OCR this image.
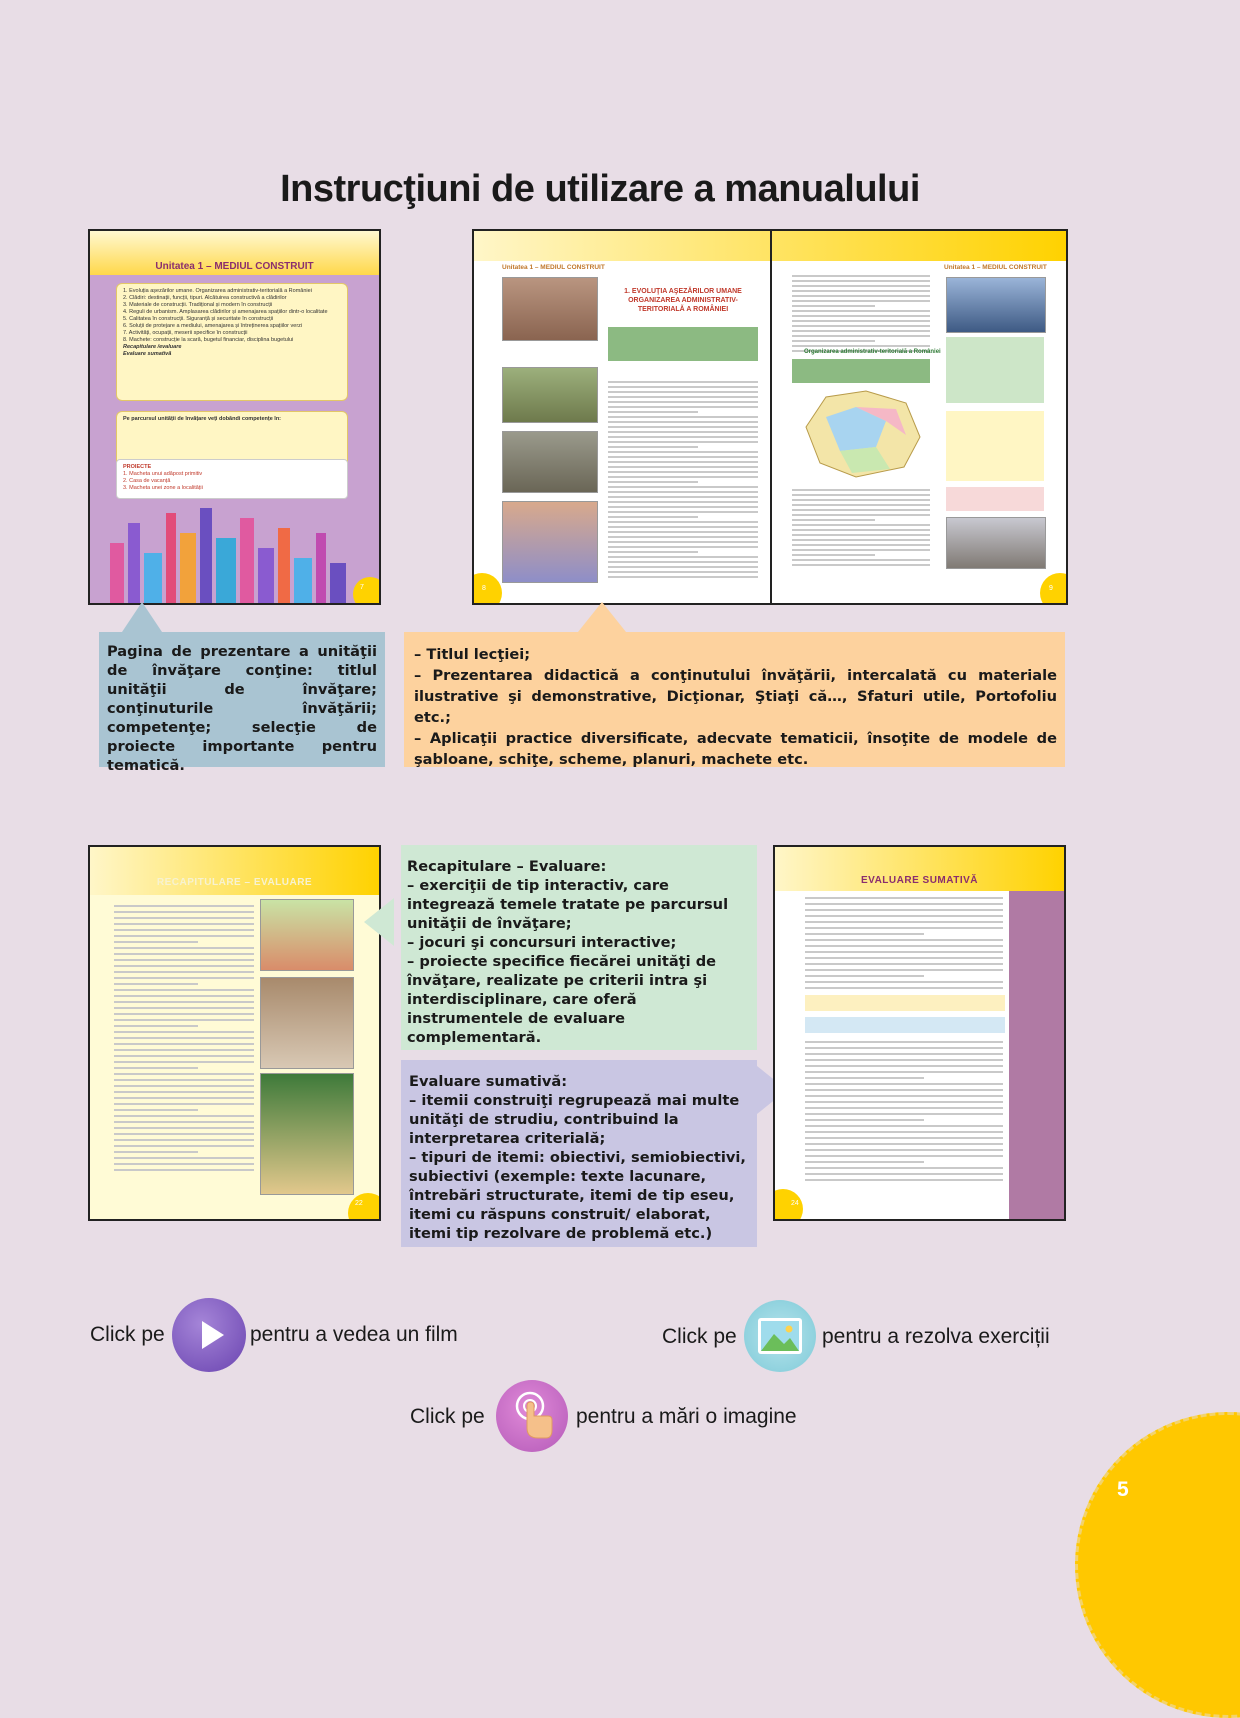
Instrucţiuni de utilizare a manualului
Unitatea 1 – MEDIUL CONSTRUIT
1. Evoluția așezărilor umane. Organizarea administrativ-teritorială a României
2. Clădiri: destinații, funcții, tipuri. Alcătuirea constructivă a clădirilor
3. Materiale de construcții. Tradițional și modern în construcții
4. Reguli de urbanism. Amplasarea clădirilor și amenajarea spațiilor dintr-o localitate
5. Calitatea în construcții. Siguranță și securitate în construcții
6. Soluții de protejare a mediului, amenajarea și întreținerea spațiilor verzi
7. Activități, ocupații, meserii specifice în construcții
8. Machete: construcție la scară, bugetul financiar, disciplina bugetului
Recapitulare /evaluare
Evaluare sumativă
Pe parcursul unității de învățare veți dobândi competențe în:
PROIECTE
1. Macheta unui adăpost primitiv
2. Casa de vacanță
3. Macheta unei zone a localității
7
Unitatea 1 – MEDIUL CONSTRUIT	Unitatea 1 – MEDIUL CONSTRUIT
1. EVOLUŢIA AŞEZĂRILOR UMANE ORGANIZAREA ADMINISTRATIV-TERITORIALĂ A ROMÂNIEI
Organizarea administrativ-teritorială a României
8	9
Pagina de prezentare a unităţii de învăţare conţine: titlul unităţii de învăţare; conţinuturile învăţării; competenţe; selecţie de proiecte importante pentru tematică.
– Titlul lecţiei;
– Prezentarea didactică a conţinutului învăţării, intercalată cu materiale ilustrative şi demonstrative, Dicţionar, Ştiaţi că…, Sfaturi utile, Portofoliu etc.;
– Aplicaţii practice diversificate, adecvate tematicii, însoţite de modele de şabloane, schiţe, scheme, planuri, machete etc.
RECAPITULARE – EVALUARE
22
Recapitulare – Evaluare:
– exerciţii de tip interactiv, care integrează temele tratate pe parcursul unităţii de învăţare;
– jocuri şi concursuri interactive;
– proiecte specifice fiecărei unităţi de învăţare, realizate pe criterii intra şi interdisciplinare, care oferă instrumentele de evaluare complementară.
Evaluare sumativă:
– itemii construiţi regrupează mai multe unităţi de strudiu, contribuind la interpretarea criterială;
– tipuri de itemi: obiectivi, semiobiectivi, subiectivi (exemple: texte lacunare, întrebări structurate, itemi de tip eseu, itemi cu răspuns construit/ elaborat, itemi tip rezolvare de problemă etc.)
EVALUARE SUMATIVĂ
24
Click pe	pentru a vedea un film	Click pe	pentru a rezolva exerciții
Click pe	pentru a mări o imagine
5
